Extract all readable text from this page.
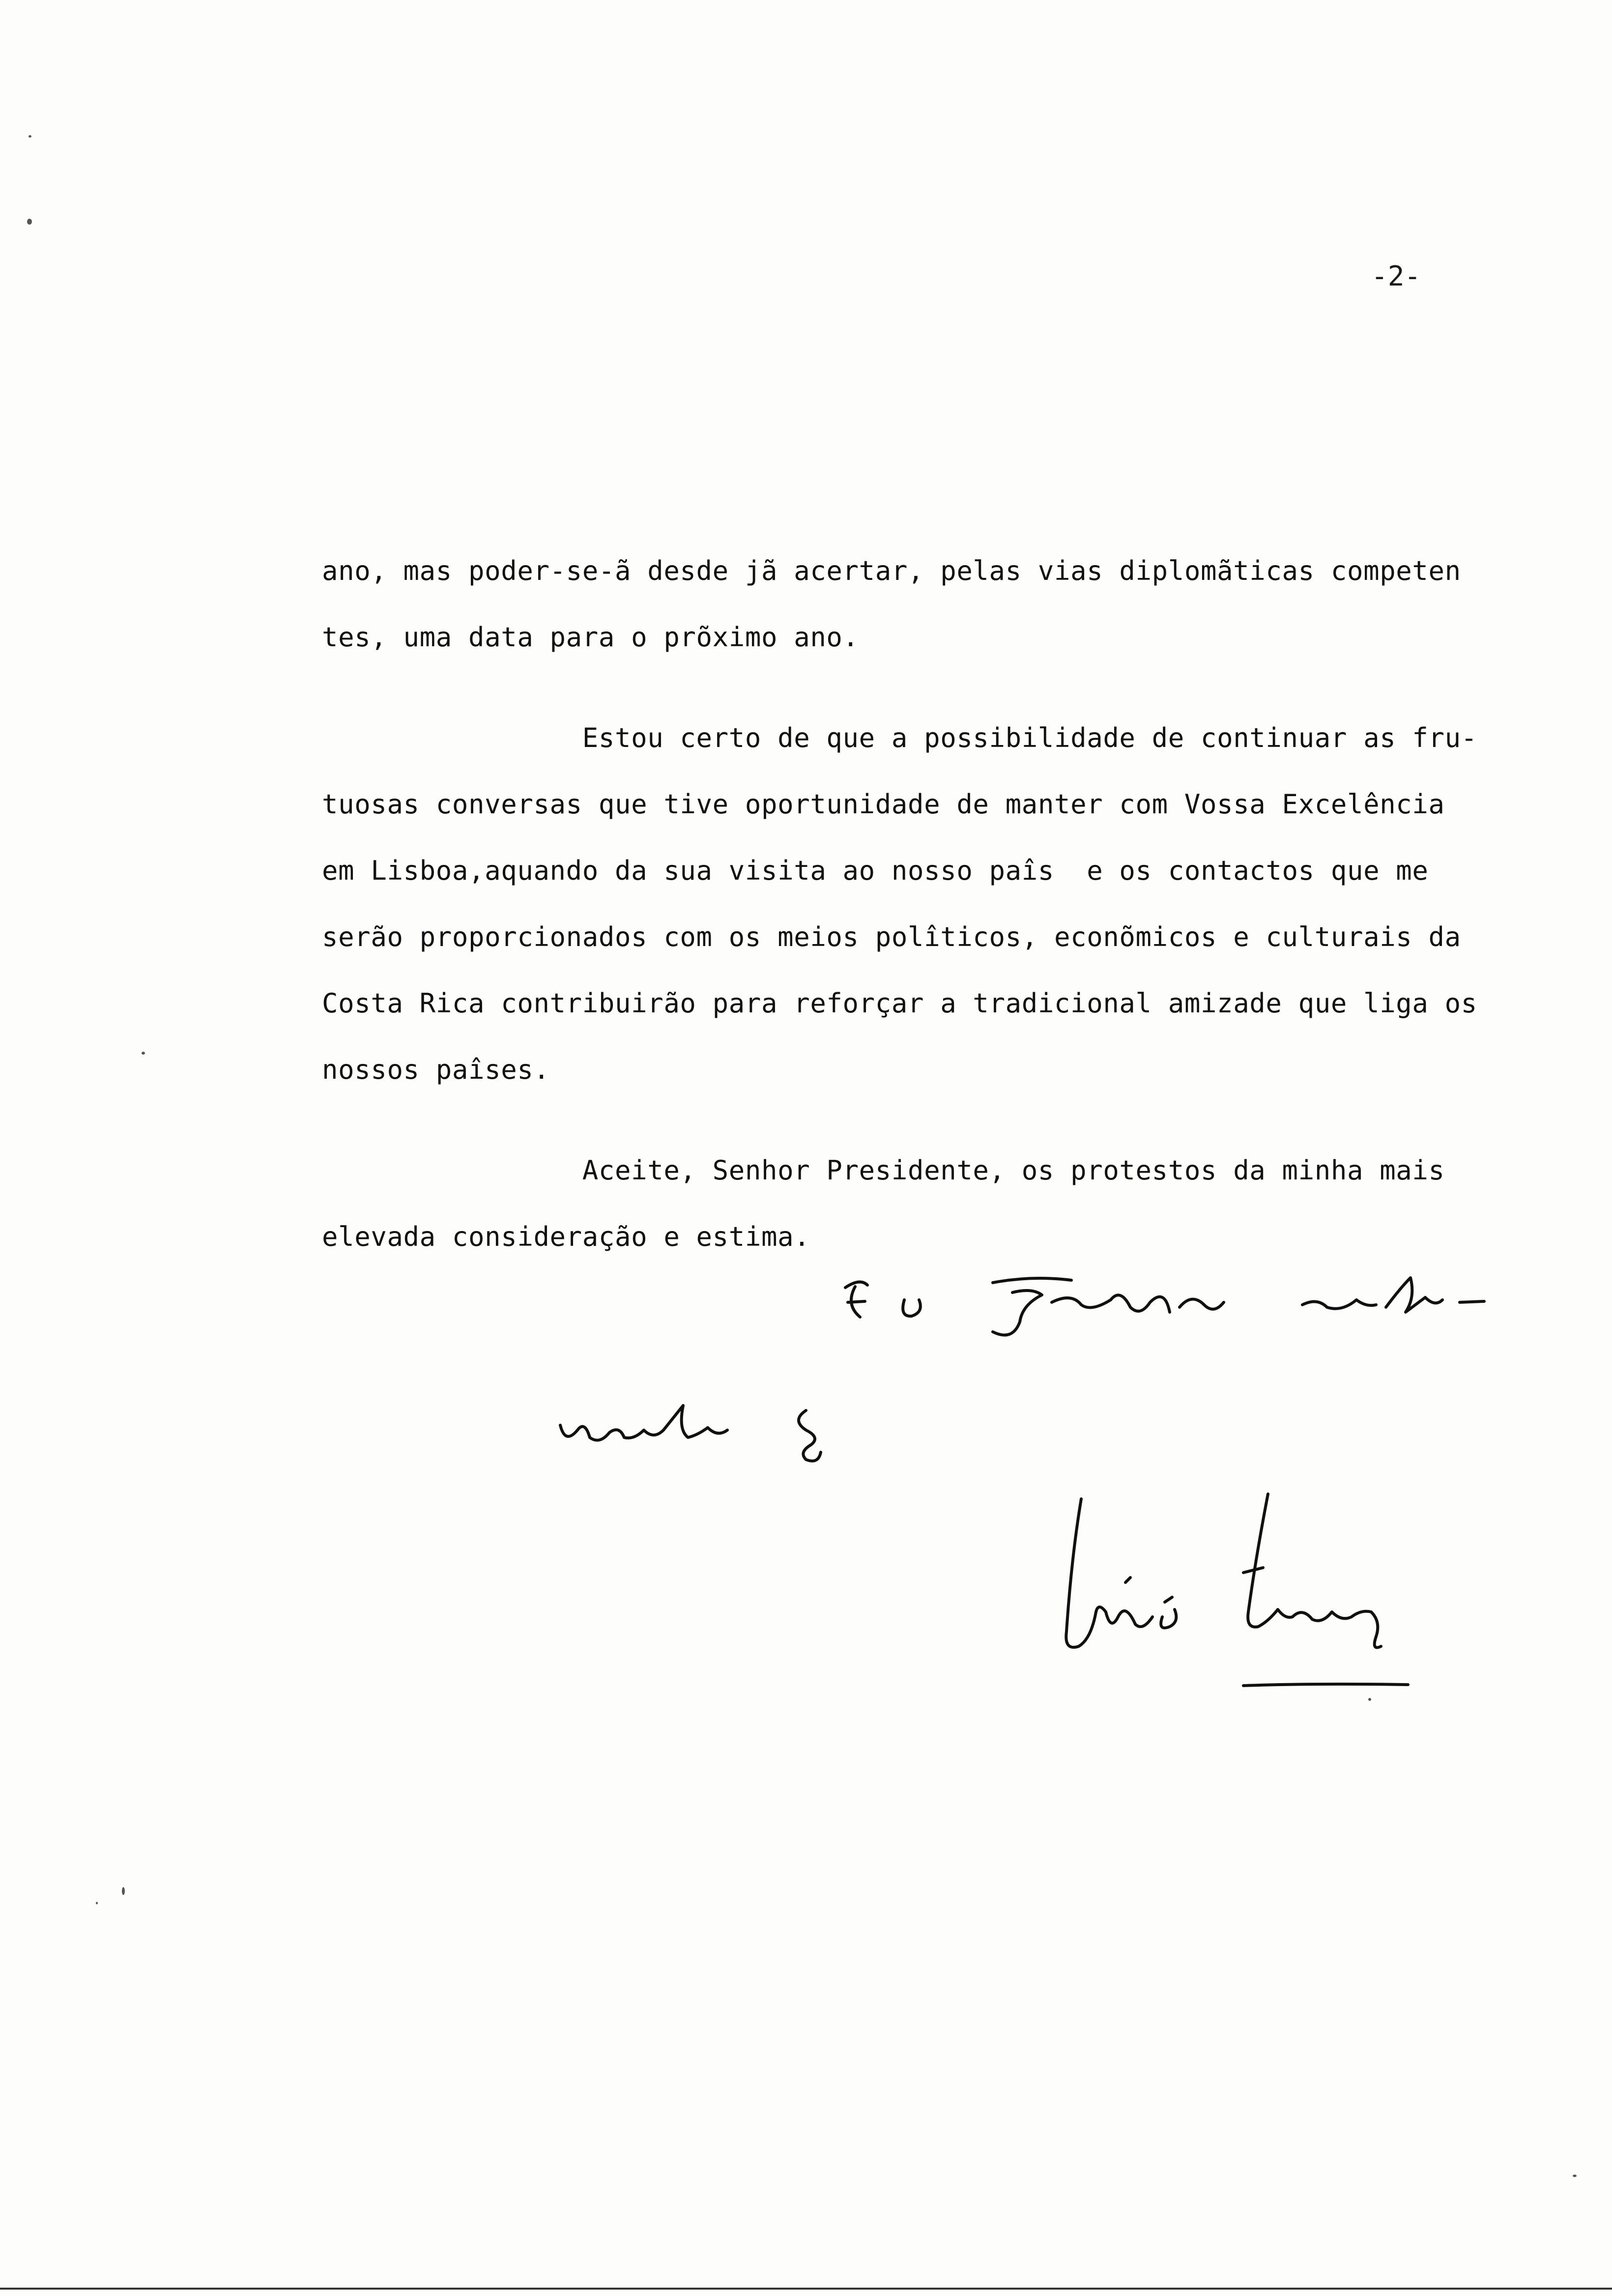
-2-
ano, mas poder-se-ã desde jã acertar, pelas vias diplomãticas competen
tes, uma data para o prõximo ano.
Estou certo de que a possibilidade de continuar as fru-
tuosas conversas que tive oportunidade de manter com Vossa Excelência
em Lisboa,aquando da sua visita ao nosso paîs  e os contactos que me
serão proporcionados com os meios polîticos, econõmicos e culturais da
Costa Rica contribuirão para reforçar a tradicional amizade que liga os
nossos paîses.
Aceite, Senhor Presidente, os protestos da minha mais
elevada consideração e estima.
